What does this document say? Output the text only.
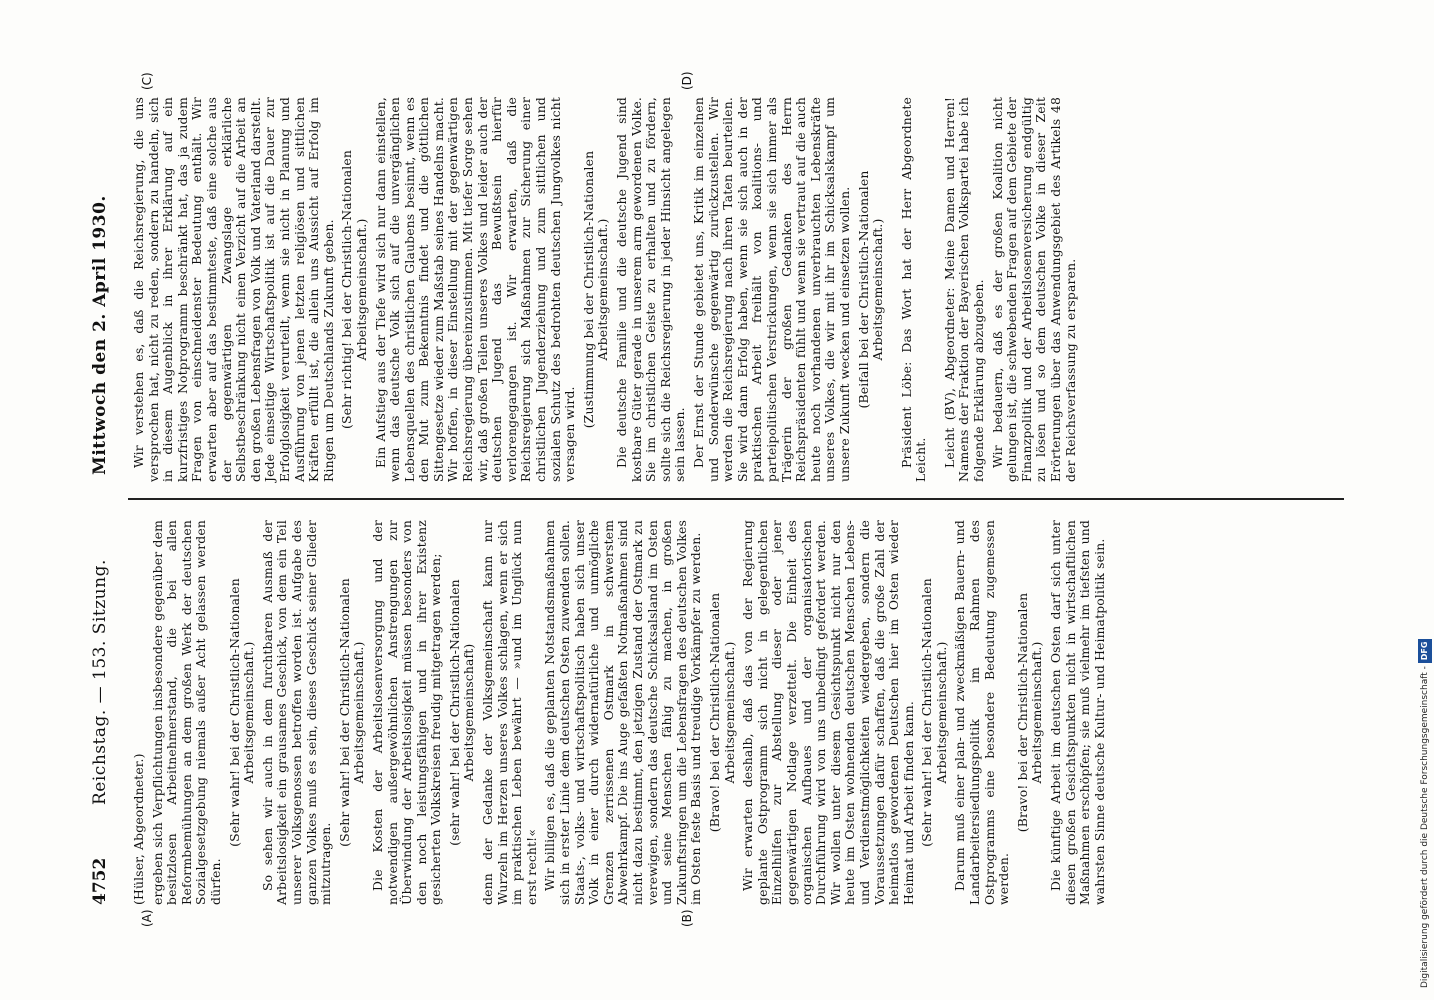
4752
Reichstag. — 153. Sitzung.
Mittwoch den 2. April 1930.
(A)	(B)
(C)	(D)

(Hülser, Abgeordneter.) ergeben sich Verpflichtungen insbesondere gegenüber dem besitzlosen Arbeitnehmerstand, die bei allen Reformbemühungen an dem großen Werk der deutschen Sozialgesetzgebung niemals außer Acht gelassen werden dürfen.

(Sehr wahr! bei der Christlich-Nationalen Arbeitsgemeinschaft.) So sehen wir auch in dem furchtbaren Ausmaß der Arbeitslosigkeit ein grausames Geschick, von dem ein Teil unserer Volksgenossen betroffen worden ist. Aufgabe des ganzen Volkes muß es sein, dieses Geschick seiner Glieder mitzutragen.

(Sehr wahr! bei der Christlich-Nationalen Arbeitsgemeinschaft.) Die Kosten der Arbeitslosenversorgung und der notwendigen außergewöhnlichen Anstrengungen zur Überwindung der Arbeitslosigkeit müssen besonders von den noch leistungsfähigen und in ihrer Existenz gesicherten Volkskreisen freudig mitgetragen werden; (sehr wahr! bei der Christlich-Nationalen Arbeitsgemeinschaft) denn der Gedanke der Volksgemeinschaft kann nur Wurzeln im Herzen unseres Volkes schlagen, wenn er sich im praktischen Leben bewährt — »und im Unglück nun erst recht!« Wir billigen es, daß die geplanten Notstandsmaßnahmen sich in erster Linie dem deutschen Osten zuwenden sollen. Staats-, volks- und wirtschaftspolitisch haben sich unser Volk in einer durch widernatürliche und unmögliche Grenzen zerrissenen Ostmark in schwerstem Abwehrkampf. Die ins Auge gefaßten Notmaßnahmen sind nicht dazu bestimmt, den jetzigen Zustand der Ostmark zu verewigen, sondern das deutsche Schicksalsland im Osten und seine Menschen fähig zu machen, in großen Zukunftsringen um die Lebensfragen des deutschen Volkes im Osten feste Basis und treudige Vorkämpfer zu werden. (Bravo! bei der Christlich-Nationalen Arbeitsgemeinschaft.) Wir erwarten deshalb, daß das von der Regierung geplante Ostprogramm sich nicht in gelegentlichen Einzelhilfen zur Abstellung dieser oder jener gegenwärtigen Notlage verzettelt. Die Einheit des organischen Aufbaues und der organisatorischen Durchführung wird von uns unbedingt gefordert werden. Wir wollen unter diesem Gesichtspunkt nicht nur den heute im Osten wohnenden deutschen Menschen Lebens- und Verdienstmöglichkeiten wiedergeben, sondern die Voraussetzungen dafür schaffen, daß die große Zahl der heimatlos gewordenen Deutschen hier im Osten wieder Heimat und Arbeit finden kann. (Sehr wahr! bei der Christlich-Nationalen Arbeitsgemeinschaft.) Darum muß einer plan- und zweckmäßigen Bauern- und Landarbeitersiedlungspolitik im Rahmen des Ostprogramms eine besondere Bedeutung zugemessen werden.

(Bravo! bei der Christlich-Nationalen Arbeitsgemeinschaft.) Die künftige Arbeit im deutschen Osten darf sich unter diesen großen Gesichtspunkten nicht in wirtschaftlichen Maßnahmen erschöpfen; sie muß vielmehr im tiefsten und wahrsten Sinne deutsche Kultur- und Heimatpolitik sein.

Wir verstehen es, daß die Reichsregierung, die uns versprochen hat, nicht zu reden, sondern zu handeln, sich in diesem Augenblick in ihrer Erklärung auf ein kurzfristiges Notprogramm beschränkt hat, das ja zudem Fragen von einschneidenster Bedeutung enthält. Wir erwarten aber auf das bestimmteste, daß eine solche aus der gegenwärtigen Zwangslage erklärliche Selbstbeschränkung nicht einen Verzicht auf die Arbeit an den großen Lebensfragen von Volk und Vaterland darstellt. Jede einseitige Wirtschaftspolitik ist auf die Dauer zur Erfolglosigkeit verurteilt, wenn sie nicht in Planung und Ausführung von jenen letzten religiösen und sittlichen Kräften erfüllt ist, die allein uns Aussicht auf Erfolg im Ringen um Deutschlands Zukunft geben. (Sehr richtig! bei der Christlich-Nationalen Arbeitsgemeinschaft.) Ein Aufstieg aus der Tiefe wird sich nur dann einstellen, wenn das deutsche Volk sich auf die unvergänglichen Lebensquellen des christlichen Glaubens besinnt, wenn es den Mut zum Bekenntnis findet und die göttlichen Sittengesetze wieder zum Maßstab seines Handelns macht. Wir hoffen, in dieser Einstellung mit der gegenwärtigen Reichsregierung übereinzustimmen. Mit tiefer Sorge sehen wir, daß großen Teilen unseres Volkes und leider auch der deutschen Jugend das Bewußtsein hierfür verlorengegangen ist. Wir erwarten, daß die Reichsregierung sich Maßnahmen zur Sicherung einer christlichen Jugenderziehung und zum sittlichen und sozialen Schutz des bedrohten deutschen Jungvolkes nicht versagen wird.

(Zustimmung bei der Christlich-Nationalen Arbeitsgemeinschaft.) Die deutsche Familie und die deutsche Jugend sind kostbare Güter gerade in unserem arm gewordenen Volke. Sie im christlichen Geiste zu erhalten und zu fördern, sollte sich die Reichsregierung in jeder Hinsicht angelegen sein lassen. Der Ernst der Stunde gebietet uns, Kritik im einzelnen und Sonderwünsche gegenwärtig zurückzustellen. Wir werden die Reichsregierung nach ihren Taten beurteilen. Sie wird dann Erfolg haben, wenn sie sich auch in der praktischen Arbeit freihält von koalitions- und parteipolitischen Verstrickungen, wenn sie sich immer als Trägerin der großen Gedanken des Herrn Reichspräsidenten fühlt und wenn sie vertraut auf die auch heute noch vorhandenen unverbrauchten Lebenskräfte unseres Volkes, die wir mit ihr im Schicksalskampf um unsere Zukunft wecken und einsetzen wollen. (Beifall bei der Christlich-Nationalen Arbeitsgemeinschaft.) Präsident Löbe: Das Wort hat der Herr Abgeordnete Leicht. Leicht (BV), Abgeordneter: Meine Damen und Herren! Namens der Fraktion der Bayerischen Volkspartei habe ich folgende Erklärung abzugeben. Wir bedauern, daß es der großen Koalition nicht gelungen ist, die schwebenden Fragen auf dem Gebiete der Finanzpolitik und der Arbeitslosenversicherung endgültig zu lösen und so dem deutschen Volke in dieser Zeit Erörterungen über das Anwendungsgebiet des Artikels 48 der Reichsverfassung zu ersparen.

Digitalisierung gefördert durch die Deutsche Forschungsgemeinschaft - DFG
